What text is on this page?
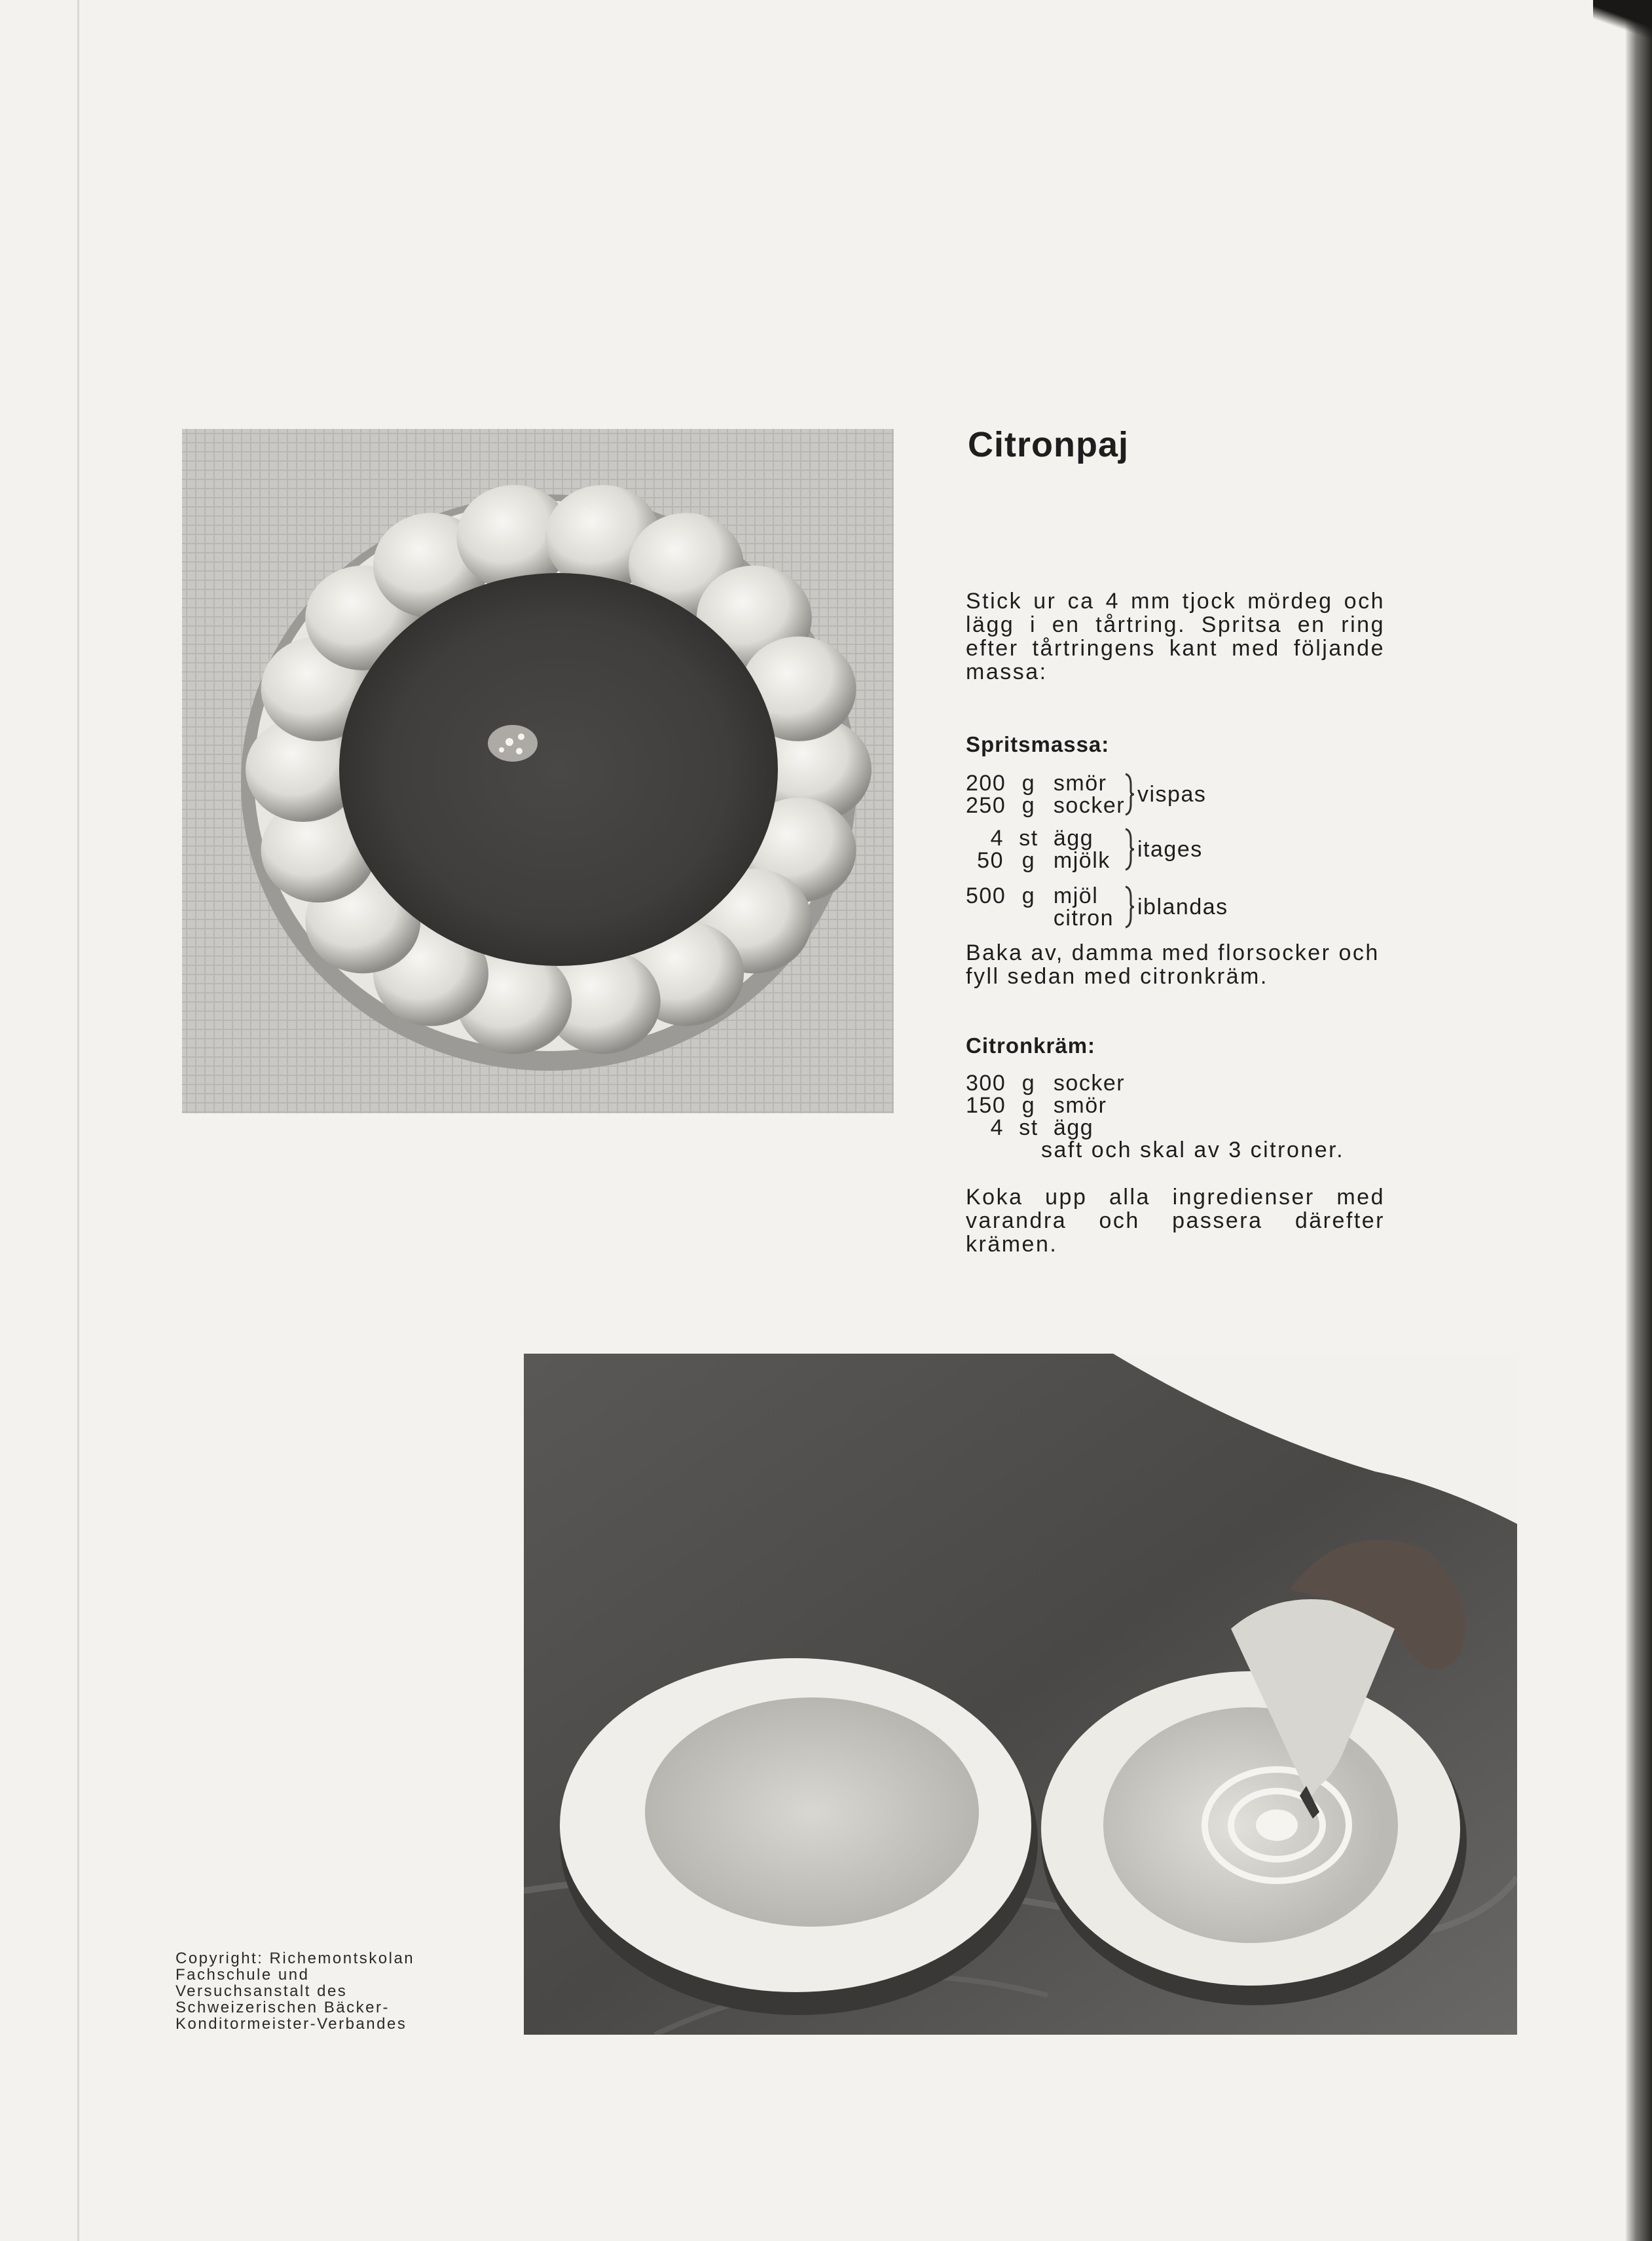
Citronpaj

Stick ur ca 4 mm tjock mördeg och lägg i en tårtring. Spritsa en ring efter tårtringens kant med följande massa:

Spritsmassa:
200 g smör
250 g socker vispas
4 st ägg
50 g mjölk itages
500 g mjöl
citron iblandas

Baka av, damma med florsocker och fyll sedan med citronkräm.

Citronkräm:
300 g socker
150 g smör
4 st ägg
saft och skal av 3 citroner.

Koka upp alla ingredienser med varandra och passera därefter krämen.

Copyright: Richemontskolan Fachschule und Versuchsanstalt des Schweizerischen Bäcker-Konditormeister-Verbandes
